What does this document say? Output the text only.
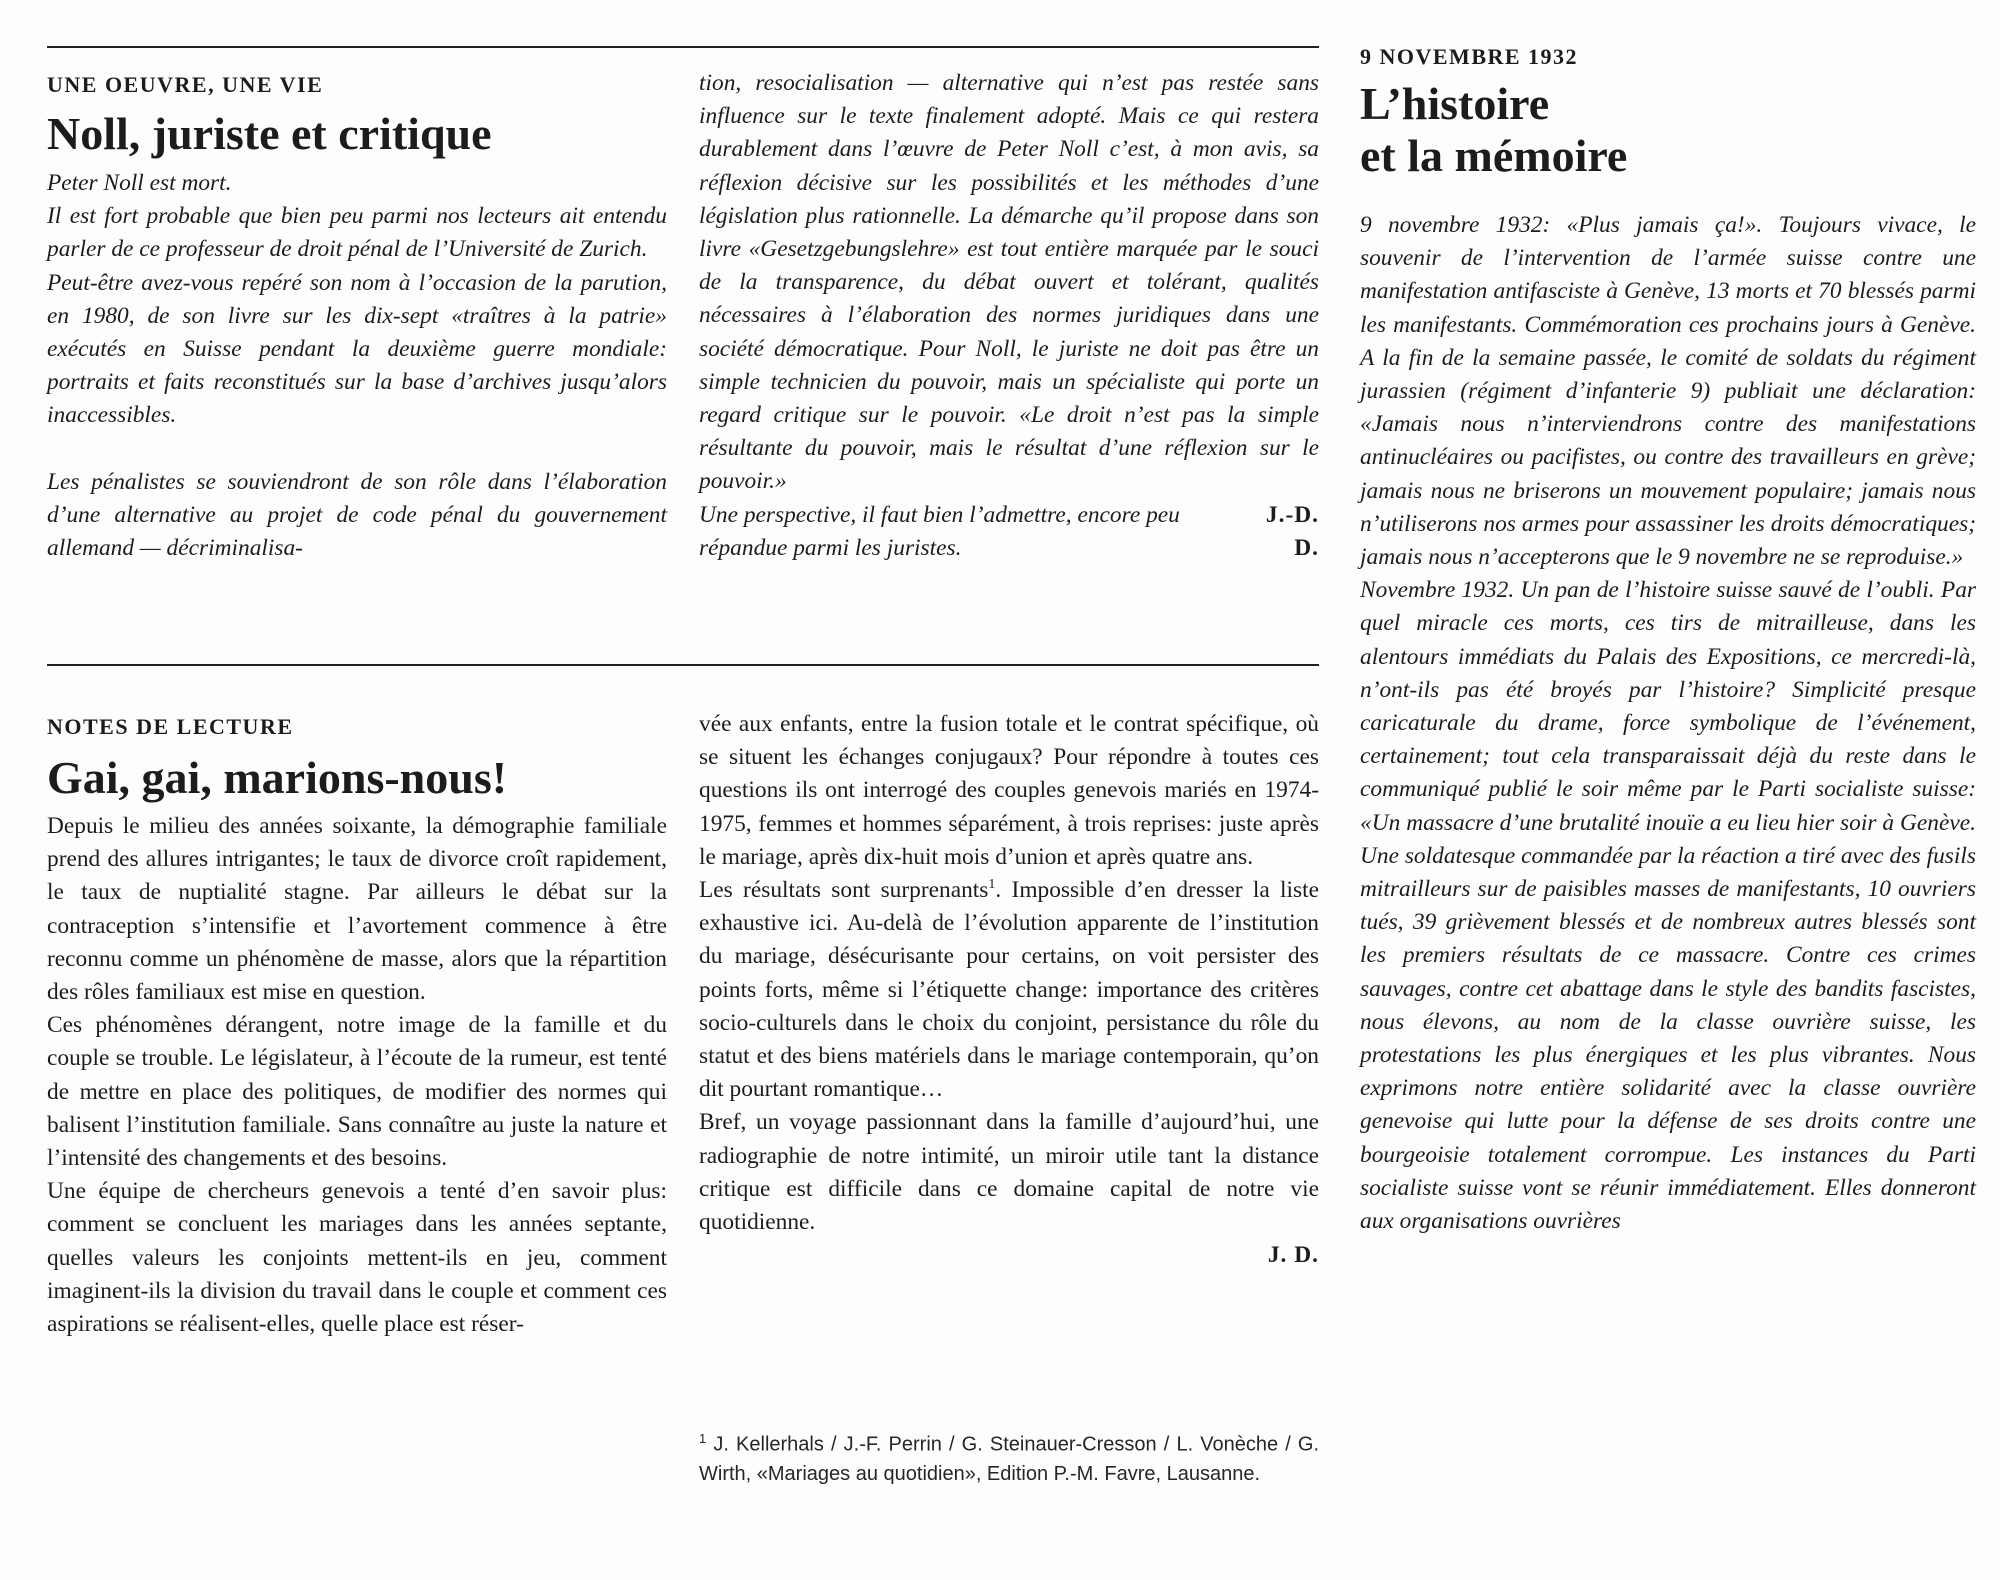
UNE OEUVRE, UNE VIE
Noll, juriste et critique

Peter Noll est mort.

Il est fort probable que bien peu parmi nos lecteurs ait entendu parler de ce professeur de droit pénal de l’Université de Zurich.

Peut-être avez-vous repéré son nom à l’occasion de la parution, en 1980, de son livre sur les dix-sept «traîtres à la patrie» exécutés en Suisse pendant la deuxième guerre mondiale: portraits et faits reconstitués sur la base d’archives jusqu’alors inaccessibles.

Les pénalistes se souviendront de son rôle dans l’élaboration d’une alternative au projet de code pénal du gouvernement allemand — décriminalisa-

tion, resocialisation — alternative qui n’est pas restée sans influence sur le texte finalement adopté. Mais ce qui restera durablement dans l’œuvre de Peter Noll c’est, à mon avis, sa réflexion décisive sur les possibilités et les méthodes d’une législation plus rationnelle. La démarche qu’il propose dans son livre «Gesetzgebungslehre» est tout entière marquée par le souci de la transparence, du débat ouvert et tolérant, qualités nécessaires à l’élaboration des normes juridiques dans une société démocratique. Pour Noll, le juriste ne doit pas être un simple technicien du pouvoir, mais un spécialiste qui porte un regard critique sur le pouvoir. «Le droit n’est pas la simple résultante du pouvoir, mais le résultat d’une réflexion sur le pouvoir.»

Une perspective, il faut bien l’admettre, encore peu répandue parmi les juristes.

J.-D. D.

NOTES DE LECTURE
Gai, gai, marions-nous!

Depuis le milieu des années soixante, la démographie familiale prend des allures intrigantes; le taux de divorce croît rapidement, le taux de nuptialité stagne. Par ailleurs le débat sur la contraception s’intensifie et l’avortement commence à être reconnu comme un phénomène de masse, alors que la répartition des rôles familiaux est mise en question.

Ces phénomènes dérangent, notre image de la famille et du couple se trouble. Le législateur, à l’écoute de la rumeur, est tenté de mettre en place des politiques, de modifier des normes qui balisent l’institution familiale. Sans connaître au juste la nature et l’intensité des changements et des besoins.

Une équipe de chercheurs genevois a tenté d’en savoir plus: comment se concluent les mariages dans les années septante, quelles valeurs les conjoints mettent-ils en jeu, comment imaginent-ils la division du travail dans le couple et comment ces aspirations se réalisent-elles, quelle place est réser-

vée aux enfants, entre la fusion totale et le contrat spécifique, où se situent les échanges conjugaux? Pour répondre à toutes ces questions ils ont interrogé des couples genevois mariés en 1974-1975, femmes et hommes séparément, à trois reprises: juste après le mariage, après dix-huit mois d’union et après quatre ans.

Les résultats sont surprenants$^1$. Impossible d’en dresser la liste exhaustive ici. Au-delà de l’évolution apparente de l’institution du mariage, désécurisante pour certains, on voit persister des points forts, même si l’étiquette change: importance des critères socio-culturels dans le choix du conjoint, persistance du rôle du statut et des biens matériels dans le mariage contemporain, qu’on dit pourtant romantique…

Bref, un voyage passionnant dans la famille d’aujourd’hui, une radiographie de notre intimité, un miroir utile tant la distance critique est difficile dans ce domaine capital de notre vie quotidienne.

J. D.

$^1$ J. Kellerhals / J.-F. Perrin / G. Steinauer-Cresson / L. Vonèche / G. Wirth, «Mariages au quotidien», Edition P.-M. Favre, Lausanne.
9 NOVEMBRE 1932
L’histoire
et la mémoire

9 novembre 1932: «Plus jamais ça!». Toujours vivace, le souvenir de l’intervention de l’armée suisse contre une manifestation antifasciste à Genève, 13 morts et 70 blessés parmi les manifestants. Commémoration ces prochains jours à Genève. A la fin de la semaine passée, le comité de soldats du régiment jurassien (régiment d’infanterie 9) publiait une déclaration: «Jamais nous n’interviendrons contre des manifestations antinucléaires ou pacifistes, ou contre des travailleurs en grève; jamais nous ne briserons un mouvement populaire; jamais nous n’utiliserons nos armes pour assassiner les droits démocratiques; jamais nous n’accepterons que le 9 novembre ne se reproduise.»

Novembre 1932. Un pan de l’histoire suisse sauvé de l’oubli. Par quel miracle ces morts, ces tirs de mitrailleuse, dans les alentours immédiats du Palais des Expositions, ce mercredi-là, n’ont-ils pas été broyés par l’histoire? Simplicité presque caricaturale du drame, force symbolique de l’événement, certainement; tout cela transparaissait déjà du reste dans le communiqué publié le soir même par le Parti socialiste suisse: «Un massacre d’une brutalité inouïe a eu lieu hier soir à Genève. Une soldatesque commandée par la réaction a tiré avec des fusils mitrailleurs sur de paisibles masses de manifestants, 10 ouvriers tués, 39 grièvement blessés et de nombreux autres blessés sont les premiers résultats de ce massacre. Contre ces crimes sauvages, contre cet abattage dans le style des bandits fascistes, nous élevons, au nom de la classe ouvrière suisse, les protestations les plus énergiques et les plus vibrantes. Nous exprimons notre entière solidarité avec la classe ouvrière genevoise qui lutte pour la défense de ses droits contre une bourgeoisie totalement corrompue. Les instances du Parti socialiste suisse vont se réunir immédiatement. Elles donneront aux organisations ouvrières
